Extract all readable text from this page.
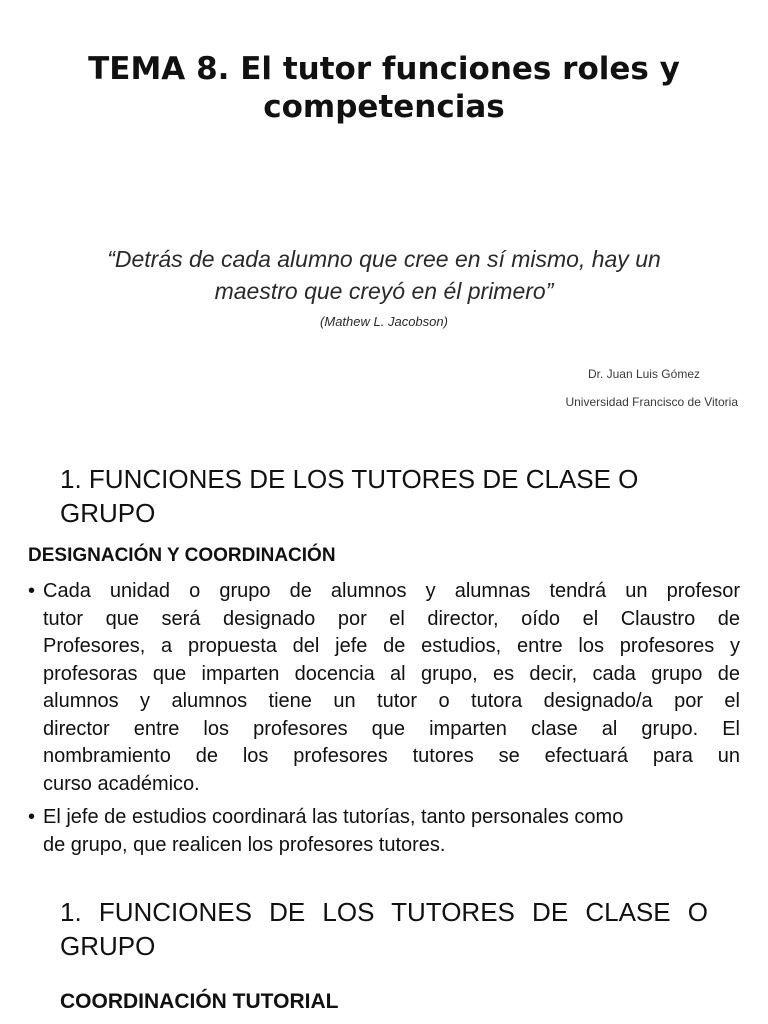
TEMA 8. El tutor funciones roles y
competencias
“Detrás de cada alumno que cree en sí mismo, hay un
maestro que creyó en él primero”
(Mathew L. Jacobson)
Dr. Juan Luis Gómez
Universidad Francisco de Vitoria
1. FUNCIONES DE LOS TUTORES DE CLASE O
GRUPO
DESIGNACIÓN Y COORDINACIÓN
• Cada unidad o grupo de alumnos y alumnas tendrá un profesor
tutor que será designado por el director, oído el Claustro de
Profesores, a propuesta del jefe de estudios, entre los profesores y
profesoras que imparten docencia al grupo, es decir, cada grupo de
alumnos y alumnos tiene un tutor o tutora designado/a por el
director entre los profesores que imparten clase al grupo. El
nombramiento de los profesores tutores se efectuará para un
curso académico.
• El jefe de estudios coordinará las tutorías, tanto personales como
de grupo, que realicen los profesores tutores.
1. FUNCIONES DE LOS TUTORES DE CLASE O
GRUPO
COORDINACIÓN TUTORIAL
